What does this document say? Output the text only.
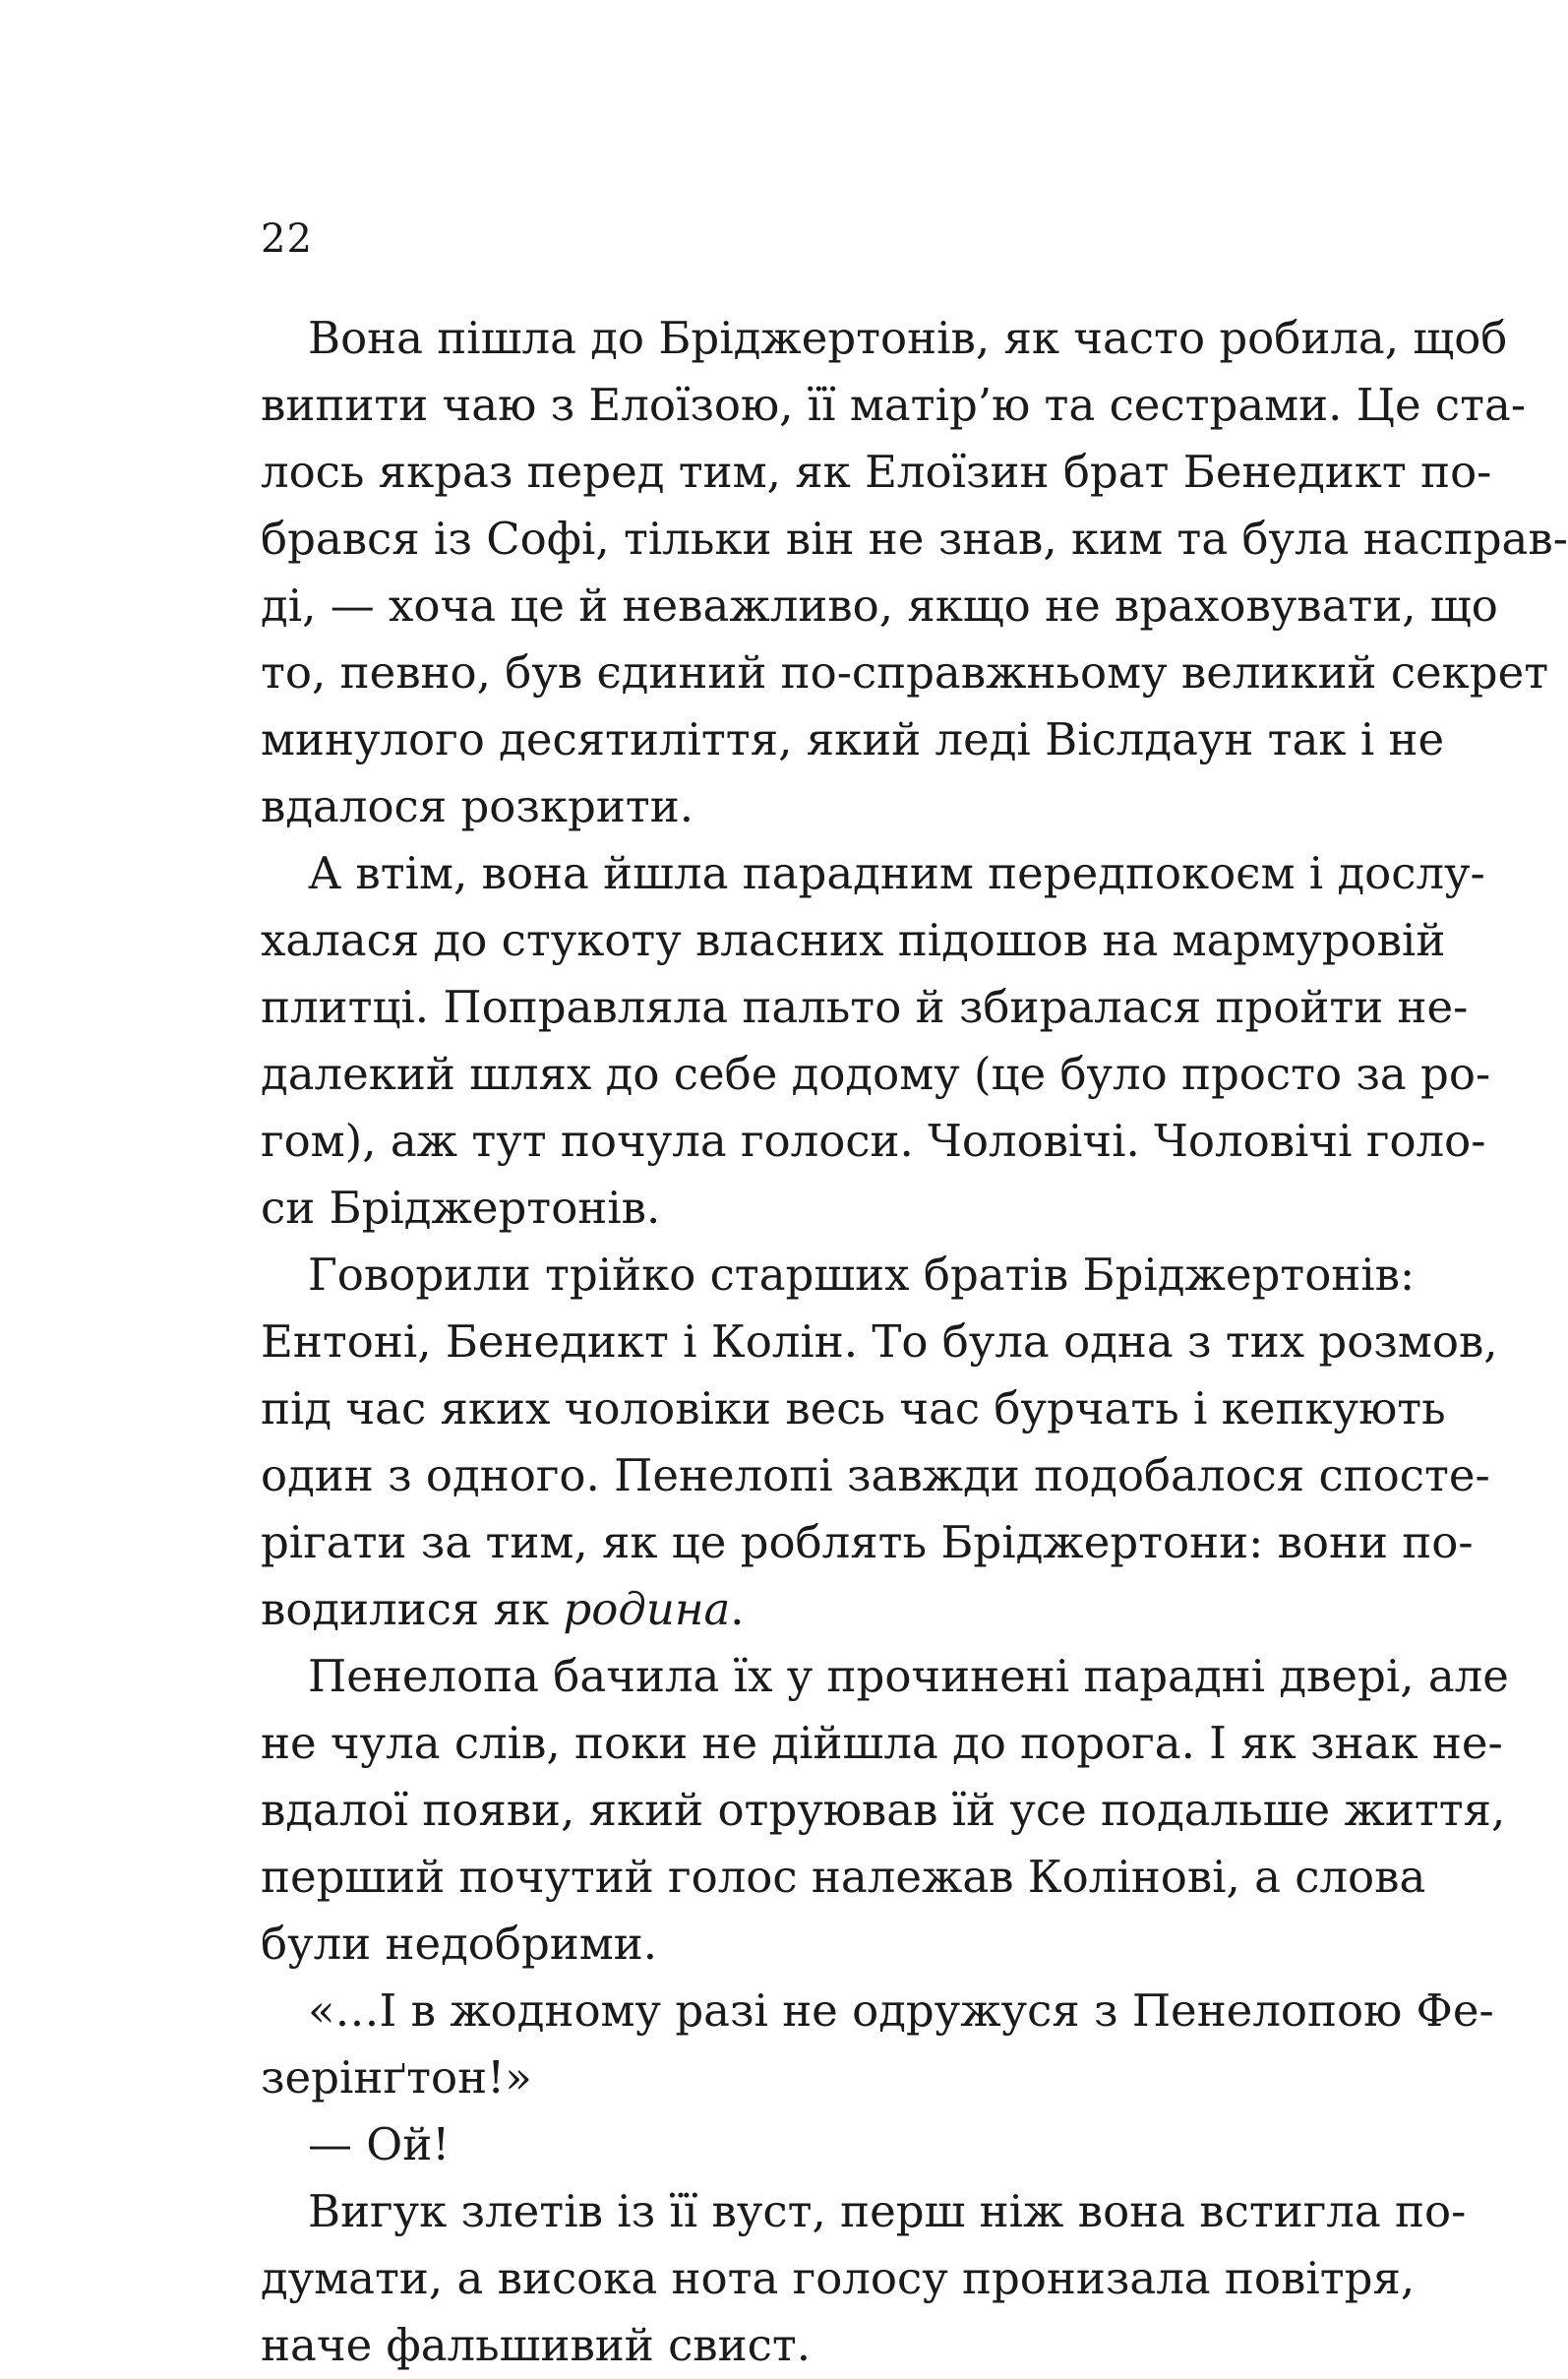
22
Вона пішла до Бріджертонів, як часто робила, щоб
випити чаю з Елоїзою, її матір’ю та сестрами. Це ста-
лось якраз перед тим, як Елоїзин брат Бенедикт по-
брався із Софі, тільки він не знав, ким та була насправ-
ді, — хоча це й неважливо, якщо не враховувати, що
то, певно, був єдиний по-справжньому великий секрет
минулого десятиліття, який леді Віслдаун так і не
вдалося розкрити.
А втім, вона йшла парадним передпокоєм і дослу-
халася до стукоту власних підошов на мармуровій
плитці. Поправляла пальто й збиралася пройти не-
далекий шлях до себе додому (це було просто за ро-
гом), аж тут почула голоси. Чоловічі. Чоловічі голо-
си Бріджертонів.
Говорили трійко старших братів Бріджертонів:
Ентоні, Бенедикт і Колін. То була одна з тих розмов,
під час яких чоловіки весь час бурчать і кепкують
один з одного. Пенелопі завжди подобалося спосте-
рігати за тим, як це роблять Бріджертони: вони по-
водилися як родина.
Пенелопа бачила їх у прочинені парадні двері, але
не чула слів, поки не дійшла до порога. І як знак не-
вдалої появи, який отруював їй усе подальше життя,
перший почутий голос належав Колінові, а слова
були недобрими.
«…І в жодному разі не одружуся з Пенелопою Фе-
зерінґтон!»
— Ой!
Вигук злетів із її вуст, перш ніж вона встигла по-
думати, а висока нота голосу пронизала повітря,
наче фальшивий свист.
